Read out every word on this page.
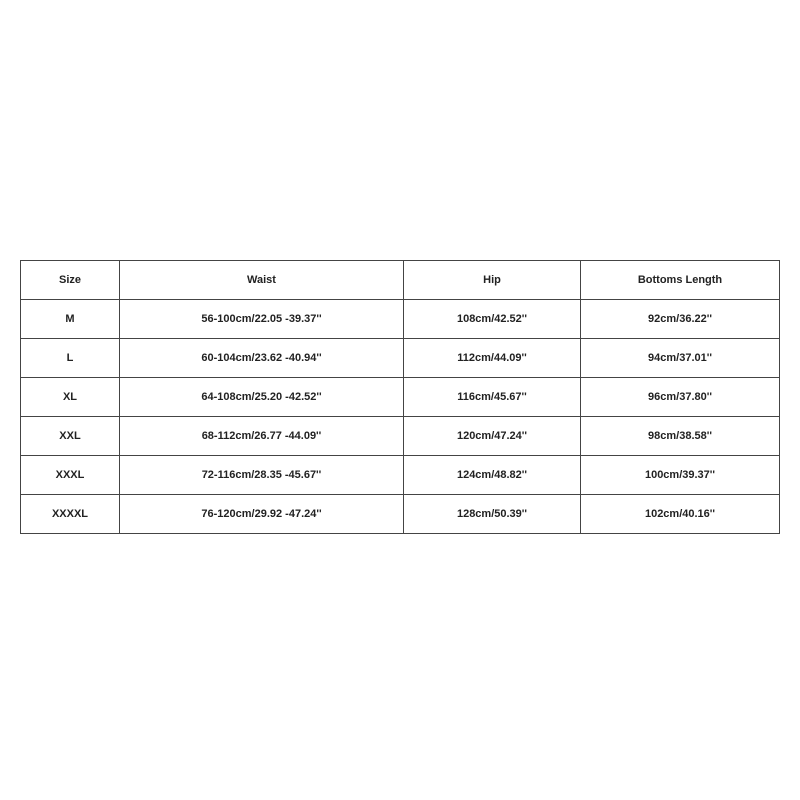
Size	Waist	Hip	Bottoms Length
M	56-100cm/22.05 -39.37''	108cm/42.52''	92cm/36.22''
L	60-104cm/23.62 -40.94''	112cm/44.09''	94cm/37.01''
XL	64-108cm/25.20 -42.52''	116cm/45.67''	96cm/37.80''
XXL	68-112cm/26.77 -44.09''	120cm/47.24''	98cm/38.58''
XXXL	72-116cm/28.35 -45.67''	124cm/48.82''	100cm/39.37''
XXXXL	76-120cm/29.92 -47.24''	128cm/50.39''	102cm/40.16''
